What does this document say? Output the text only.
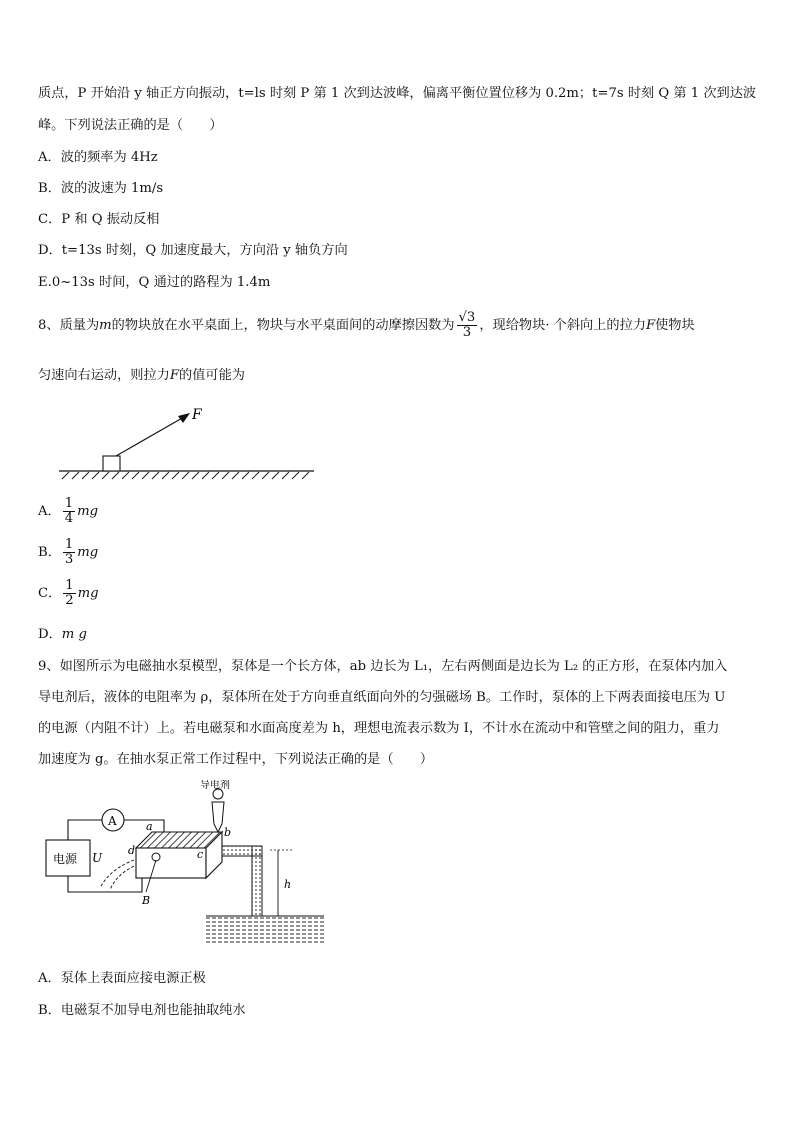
质点，P 开始沿 y 轴正方向振动，t=ls 时刻 P 第 1 次到达波峰，偏离平衡位置位移为 0.2m；t=7s 时刻 Q 第 1 次到达波
峰。下列说法正确的是（　　）
A．波的频率为 4Hz
B．波的波速为 1m/s
C．P 和 Q 振动反相
D．t=13s 时刻，Q 加速度最大，方向沿 y 轴负方向
E.0~13s 时间，Q 通过的路程为 1.4m
8、质量为m的物块放在水平桌面上，物块与水平桌面间的动摩擦因数为 $\frac{√3}{3}$ ，现给物块· 个斜向上的拉力F使物块
匀速向右运动，则拉力F的值可能为
F
A． $\frac{1}{4}$ mg
B． $\frac{1}{3}$ mg
C． $\frac{1}{2}$ mg
D．m g
9、如图所示为电磁抽水泵模型，泵体是一个长方体，ab 边长为 L₁，左右两侧面是边长为 L₂ 的正方形，在泵体内加入
导电剂后，液体的电阻率为 ρ，泵体所在处于方向垂直纸面向外的匀强磁场 B。工作时，泵体的上下两表面接电压为 U
的电源（内阻不计）上。若电磁泵和水面高度差为 h，理想电流表示数为 I，不计水在流动中和管壁之间的阻力，重力
加速度为 g。在抽水泵正常工作过程中，下列说法正确的是（　　）
A
电源 U
a	b
c
d
B
导电剂
h
A．泵体上表面应接电源正极
B．电磁泵不加导电剂也能抽取纯水
